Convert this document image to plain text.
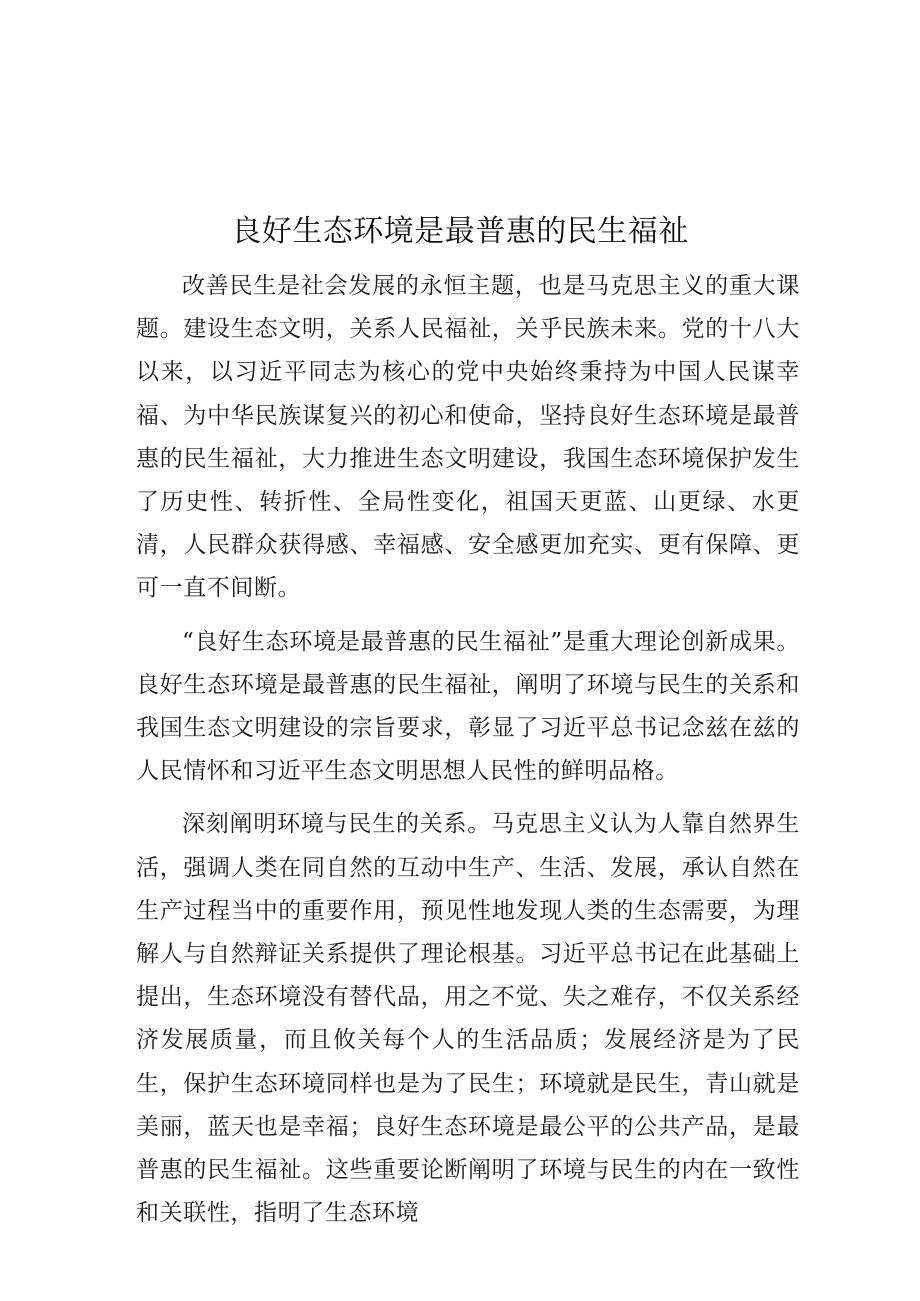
良好生态环境是最普惠的民生福祉

改善民生是社会发展的永恒主题，也是马克思主义的重大课题。建设生态文明，关系人民福祉，关乎民族未来。党的十八大以来，以习近平同志为核心的党中央始终秉持为中国人民谋幸福、为中华民族谋复兴的初心和使命，坚持良好生态环境是最普惠的民生福祉，大力推进生态文明建设，我国生态环境保护发生了历史性、转折性、全局性变化，祖国天更蓝、山更绿、水更清，人民群众获得感、幸福感、安全感更加充实、更有保障、更可一直不间断。

“良好生态环境是最普惠的民生福祉”是重大理论创新成果。良好生态环境是最普惠的民生福祉，阐明了环境与民生的关系和我国生态文明建设的宗旨要求，彰显了习近平总书记念兹在兹的人民情怀和习近平生态文明思想人民性的鲜明品格。

深刻阐明环境与民生的关系。马克思主义认为人靠自然界生活，强调人类在同自然的互动中生产、生活、发展，承认自然在生产过程当中的重要作用，预见性地发现人类的生态需要，为理解人与自然辩证关系提供了理论根基。习近平总书记在此基础上提出，生态环境没有替代品，用之不觉、失之难存，不仅关系经济发展质量，而且攸关每个人的生活品质；发展经济是为了民生，保护生态环境同样也是为了民生；环境就是民生，青山就是美丽，蓝天也是幸福；良好生态环境是最公平的公共产品，是最普惠的民生福祉。这些重要论断阐明了环境与民生的内在一致性和关联性，指明了生态环境
